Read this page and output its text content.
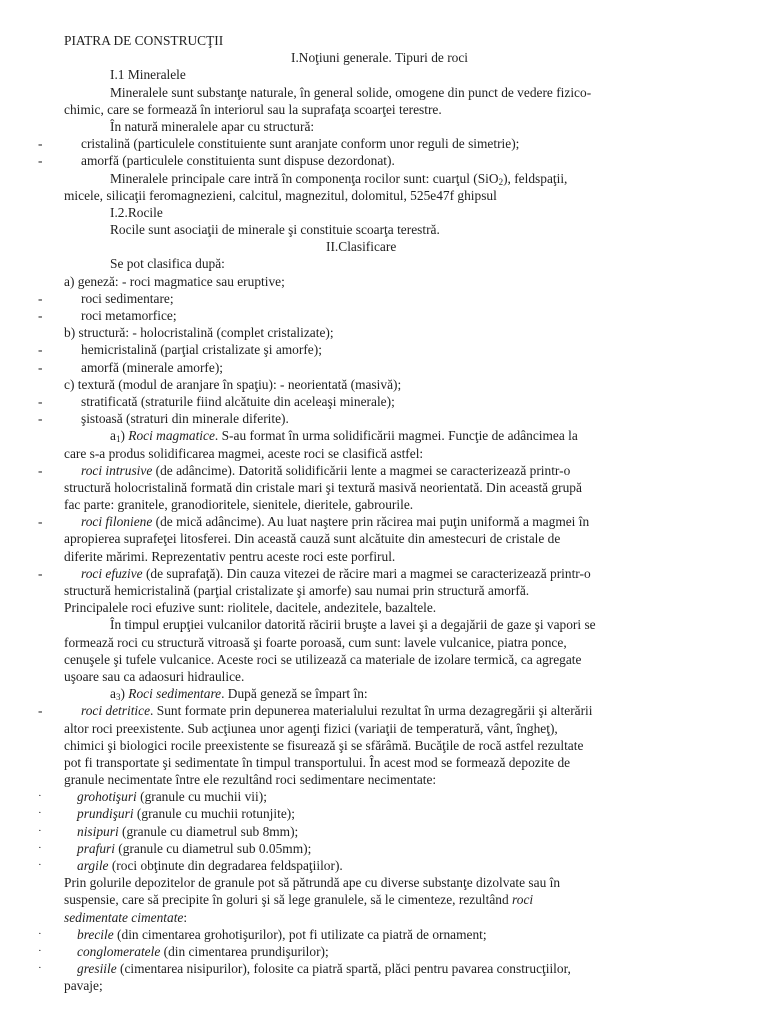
PIATRA DE CONSTRUCŢII
I.Noţiuni generale. Tipuri de roci
I.1 Mineralele
Mineralele sunt substanţe naturale, în general solide, omogene din punct de vedere fizico-
chimic, care se formează în interiorul sau la suprafaţa scoarţei terestre.
În natură mineralele apar cu structură:
-	cristalină (particulele constituiente sunt aranjate conform unor reguli de simetrie);
-	amorfă (particulele constituienta sunt dispuse dezordonat).
Mineralele principale care intră în componenţa rocilor sunt: cuarţul (SiO$_2$), feldspaţii,
micele, silicaţii feromagnezieni, calcitul, magnezitul, dolomitul, 525e47f ghipsul
I.2.Rocile
Rocile sunt asociaţii de minerale şi constituie scoarţa terestră.
II.Clasificare
Se pot clasifica după:
a) geneză: - roci magmatice sau eruptive;
-	roci sedimentare;
-	roci metamorfice;
b) structură: - holocristalină (complet cristalizate);
-	hemicristalină (parţial cristalizate şi amorfe);
-	amorfă (minerale amorfe);
c) textură (modul de aranjare în spaţiu): - neorientată (masivă);
-	stratificată (straturile fiind alcătuite din aceleaşi minerale);
-	şistoasă (straturi din minerale diferite).
$a_1$) Roci magmatice. S-au format în urma solidificării magmei. Funcţie de adâncimea la
care s-a produs solidificarea magmei, aceste roci se clasifică astfel:
-	roci intrusive (de adâncime). Datorită solidificării lente a magmei se caracterizează printr-o
structură holocristalină formată din cristale mari şi textură masivă neorientată. Din această grupă
fac parte: granitele, granodioritele, sienitele, dieritele, gabrourile.
-	roci filoniene (de mică adâncime). Au luat naştere prin răcirea mai puţin uniformă a magmei în
apropierea suprafeţei litosferei. Din această cauză sunt alcătuite din amestecuri de cristale de
diferite mărimi. Reprezentativ pentru aceste roci este porfirul.
-	roci efuzive (de suprafaţă). Din cauza vitezei de răcire mari a magmei se caracterizează printr-o
structură hemicristalină (parţial cristalizate şi amorfe) sau numai prin structură amorfă.
Principalele roci efuzive sunt: riolitele, dacitele, andezitele, bazaltele.
În timpul erupţiei vulcanilor datorită răcirii bruşte a lavei şi a degajării de gaze şi vapori se
formează roci cu structură vitroasă şi foarte poroasă, cum sunt: lavele vulcanice, piatra ponce,
cenuşele şi tufele vulcanice. Aceste roci se utilizează ca materiale de izolare termică, ca agregate
uşoare sau ca adaosuri hidraulice.
$a_3$) Roci sedimentare. După geneză se împart în:
-	roci detritice. Sunt formate prin depunerea materialului rezultat în urma dezagregării şi alterării
altor roci preexistente. Sub acţiunea unor agenţi fizici (variaţii de temperatură, vânt, îngheţ),
chimici şi biologici rocile preexistente se fisurează şi se sfărâmă. Bucăţile de rocă astfel rezultate
pot fi transportate şi sedimentate în timpul transportului. În acest mod se formează depozite de
granule necimentate între ele rezultând roci sedimentare necimentate:
·	grohotişuri (granule cu muchii vii);
·	prundişuri (granule cu muchii rotunjite);
·	nisipuri (granule cu diametrul sub 8mm);
·	prafuri (granule cu diametrul sub 0.05mm);
·	argile (roci obţinute din degradarea feldspaţiilor).
Prin golurile depozitelor de granule pot să pătrundă ape cu diverse substanţe dizolvate sau în
suspensie, care să precipite în goluri şi să lege granulele, să le cimenteze, rezultând roci
sedimentate cimentate:
·	brecile (din cimentarea grohotişurilor), pot fi utilizate ca piatră de ornament;
·	conglomeratele (din cimentarea prundişurilor);
·	gresiile (cimentarea nisipurilor), folosite ca piatră spartă, plăci pentru pavarea construcţiilor,
pavaje;
